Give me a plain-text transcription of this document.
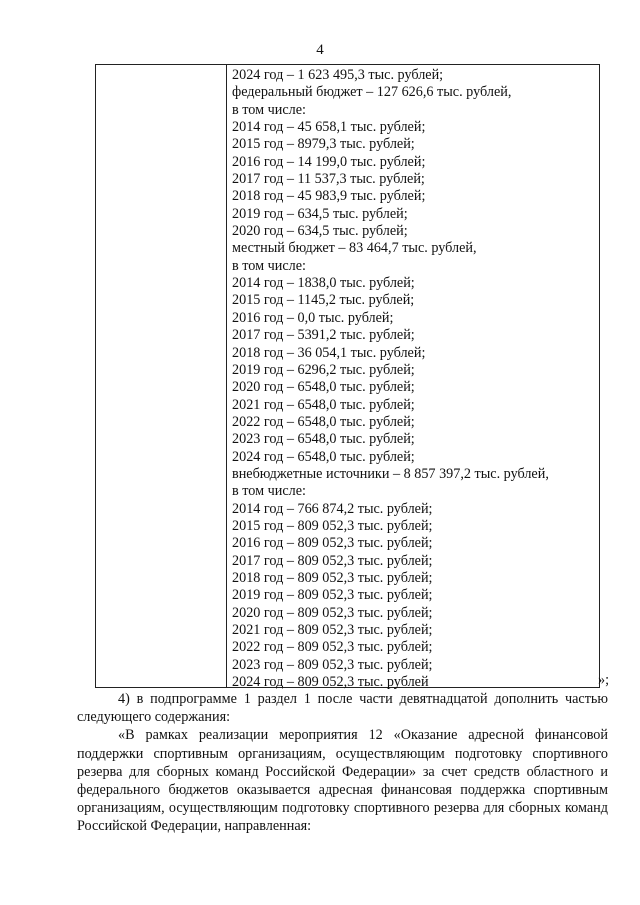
4
2024 год – 1 623 495,3 тыс. рублей;
федеральный бюджет – 127 626,6 тыс. рублей,
в том числе:
2014 год – 45 658,1 тыс. рублей;
2015 год – 8979,3 тыс. рублей;
2016 год – 14 199,0 тыс. рублей;
2017 год – 11 537,3 тыс. рублей;
2018 год – 45 983,9 тыс. рублей;
2019 год – 634,5 тыс. рублей;
2020 год – 634,5 тыс. рублей;
местный бюджет – 83 464,7 тыс. рублей,
в том числе:
2014 год – 1838,0 тыс. рублей;
2015 год – 1145,2 тыс. рублей;
2016 год – 0,0 тыс. рублей;
2017 год – 5391,2 тыс. рублей;
2018 год – 36 054,1 тыс. рублей;
2019 год – 6296,2 тыс. рублей;
2020 год – 6548,0 тыс. рублей;
2021 год – 6548,0 тыс. рублей;
2022 год – 6548,0 тыс. рублей;
2023 год – 6548,0 тыс. рублей;
2024 год – 6548,0 тыс. рублей;
внебюджетные источники – 8 857 397,2 тыс. рублей,
в том числе:
2014 год – 766 874,2 тыс. рублей;
2015 год – 809 052,3 тыс. рублей;
2016 год – 809 052,3 тыс. рублей;
2017 год – 809 052,3 тыс. рублей;
2018 год – 809 052,3 тыс. рублей;
2019 год – 809 052,3 тыс. рублей;
2020 год – 809 052,3 тыс. рублей;
2021 год – 809 052,3 тыс. рублей;
2022 год – 809 052,3 тыс. рублей;
2023 год – 809 052,3 тыс. рублей;
2024 год – 809 052,3 тыс. рублей	»;

4) в подпрограмме 1 раздел 1 после части девятнадцатой дополнить частью следующего содержания:

«В рамках реализации мероприятия 12 «Оказание адресной финансовой поддержки спортивным организациям, осуществляющим подготовку спортивного резерва для сборных команд Российской Федерации» за счет средств областного и федерального бюджетов оказывается адресная финансовая поддержка спортивным организациям, осуществляющим подготовку спортивного резерва для сборных команд Российской Федерации, направленная:
